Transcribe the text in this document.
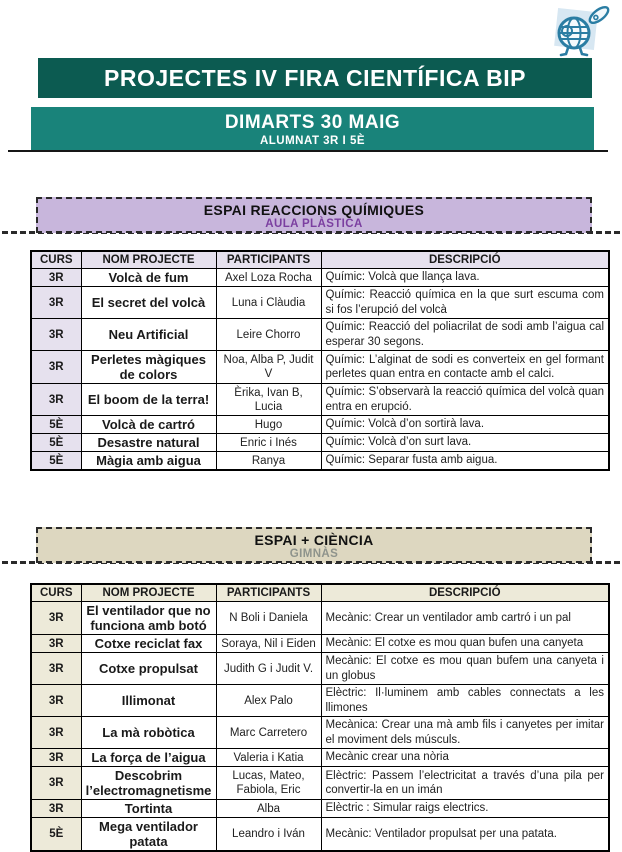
PROJECTES IV FIRA CIENTÍFICA BIP
DIMARTS 30 MAIG
ALUMNAT 3R I 5È
ESPAI REACCIONS QUÍMIQUES
AULA PLÀSTICA
CURS	NOM PROJECTE	PARTICIPANTS	DESCRIPCIÓ
3R	Volcà de fum	Axel Loza Rocha	Químic: Volcà que llança lava.
3R	El secret del volcà	Luna i Clàudia	Químic: Reacció química en la que surt escuma com si fos l’erupció del volcà
3R	Neu Artificial	Leire Chorro	Químic: Reacció del poliacrilat de sodi amb l’aigua cal esperar 30 segons.
3R	Perletes màgiques de colors	Noa, Alba P, Judit V	Químic: L’alginat de sodi es converteix en gel formant perletes quan entra en contacte amb el calci.
3R	El boom de la terra!	Èrika, Ivan B, Lucia	Químic: S’observarà la reacció química del volcà quan entra en erupció.
5È	Volcà de cartró	Hugo	Químic: Volcà d’on sortirà lava.
5È	Desastre natural	Enric i Inés	Químic: Volcà d’on surt lava.
5È	Màgia amb aigua	Ranya	Químic: Separar fusta amb aigua.
ESPAI + CIÈNCIA
GIMNÀS
CURS	NOM PROJECTE	PARTICIPANTS	DESCRIPCIÓ
3R	El ventilador que no funciona amb botó	N Boli i Daniela	Mecànic: Crear un ventilador amb cartró i un pal
3R	Cotxe reciclat fax	Soraya, Nil i Eiden	Mecànic: El cotxe es mou quan bufen una canyeta
3R	Cotxe propulsat	Judith G i Judit V.	Mecànic: El cotxe es mou quan bufem una canyeta i un globus
3R	Illimonat	Alex Palo	Elèctric: Il·luminem amb cables connectats a les llimones
3R	La mà robòtica	Marc Carretero	Mecànica: Crear una mà amb fils i canyetes per imitar el moviment dels músculs.
3R	La força de l’aigua	Valeria i Katia	Mecànic crear una nòria
3R	Descobrim l’electromagnetisme	Lucas, Mateo, Fabiola, Eric	Elèctric: Passem l’electricitat a través d’una pila per convertir-la en un imán
3R	Tortinta	Alba	Elèctric : Simular raigs electrics.
5È	Mega ventilador patata	Leandro i Iván	Mecànic: Ventilador propulsat per una patata.
